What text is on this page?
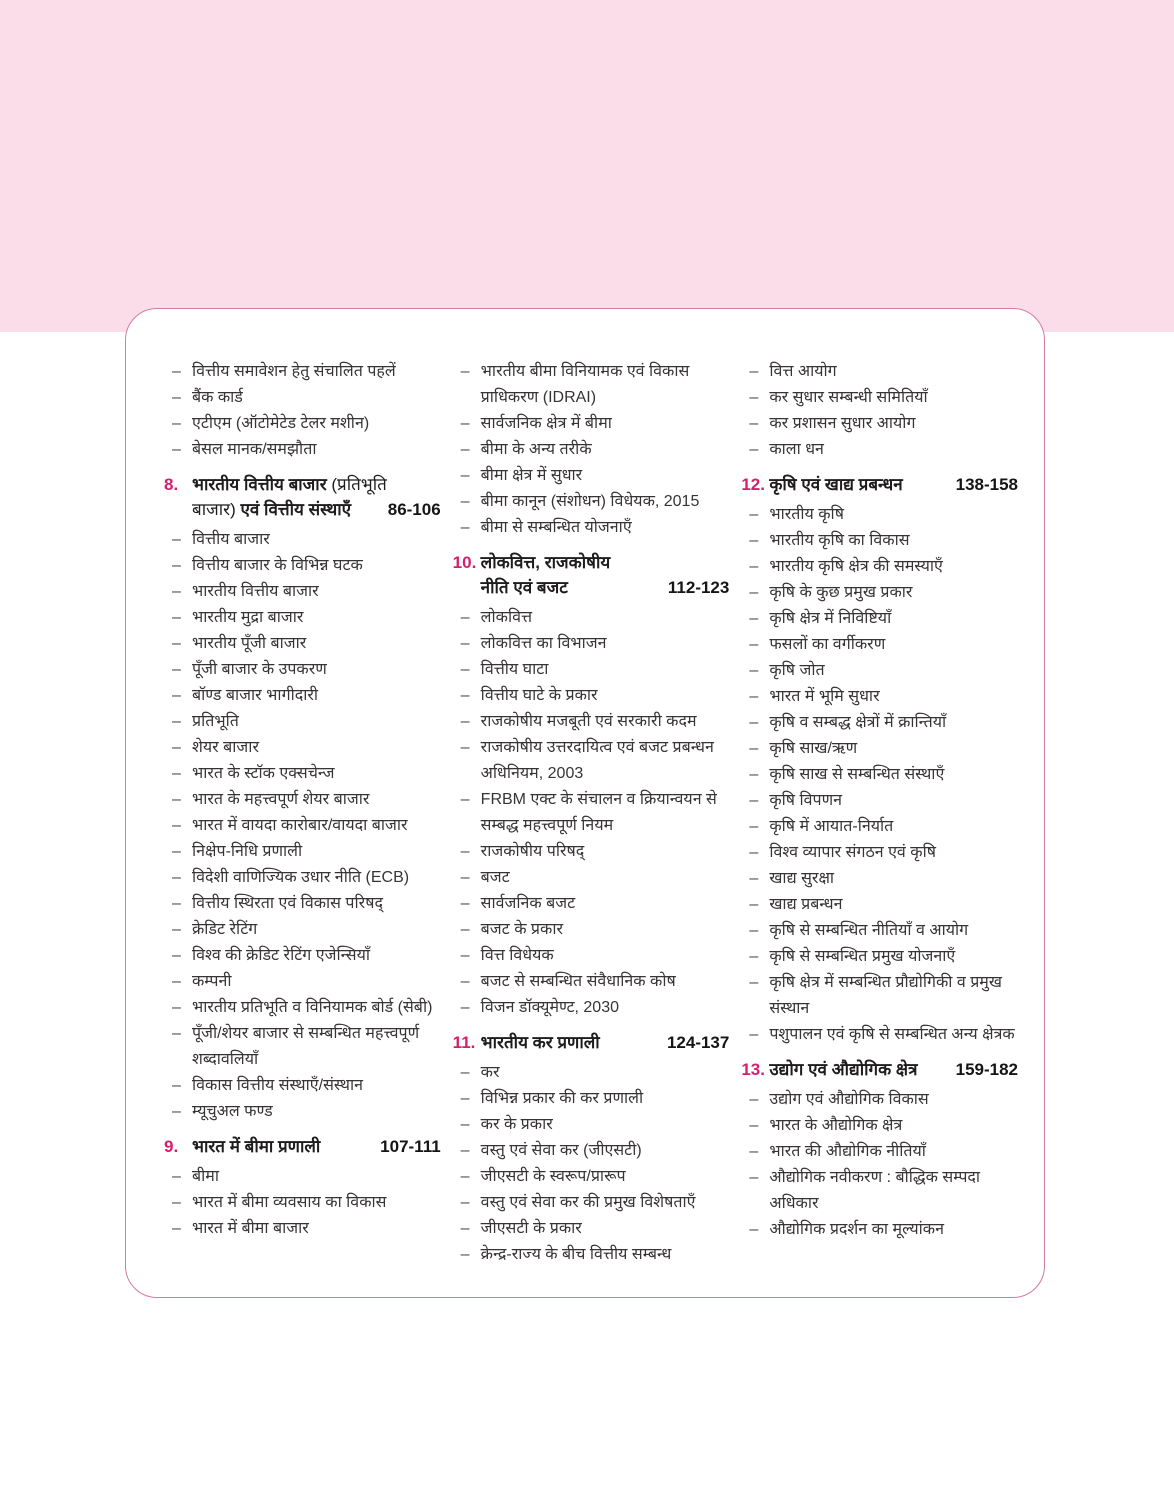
– वित्तीय समावेशन हेतु संचालित पहलें
– बैंक कार्ड
– एटीएम (ऑटोमेटेड टेलर मशीन)
– बेसल मानक/समझौता
8. भारतीय वित्तीय बाजार (प्रतिभूति
बाजार) एवं वित्तीय संस्थाएँ	86-106
– वित्तीय बाजार
– वित्तीय बाजार के विभिन्न घटक
– भारतीय वित्तीय बाजार
– भारतीय मुद्रा बाजार
– भारतीय पूँजी बाजार
– पूँजी बाजार के उपकरण
– बॉण्ड बाजार भागीदारी
– प्रतिभूति
– शेयर बाजार
– भारत के स्टॉक एक्सचेन्ज
– भारत के महत्त्वपूर्ण शेयर बाजार
– भारत में वायदा कारोबार/वायदा बाजार
– निक्षेप-निधि प्रणाली
– विदेशी वाणिज्यिक उधार नीति (ECB)
– वित्तीय स्थिरता एवं विकास परिषद्
– क्रेडिट रेटिंग
– विश्व की क्रेडिट रेटिंग एजेन्सियाँ
– कम्पनी
– भारतीय प्रतिभूति व विनियामक बोर्ड (सेबी)
– पूँजी/शेयर बाजार से सम्बन्धित महत्त्वपूर्ण शब्दावलियाँ
– विकास वित्तीय संस्थाएँ/संस्थान
– म्यूचुअल फण्ड
9. भारत में बीमा प्रणाली	107-111
– बीमा
– भारत में बीमा व्यवसाय का विकास
– भारत में बीमा बाजार
– भारतीय बीमा विनियामक एवं विकास प्राधिकरण (IDRAI)
– सार्वजनिक क्षेत्र में बीमा
– बीमा के अन्य तरीके
– बीमा क्षेत्र में सुधार
– बीमा कानून (संशोधन) विधेयक, 2015
– बीमा से सम्बन्धित योजनाएँ
10. लोकवित्त, राजकोषीय
नीति एवं बजट	112-123
– लोकवित्त
– लोकवित्त का विभाजन
– वित्तीय घाटा
– वित्तीय घाटे के प्रकार
– राजकोषीय मजबूती एवं सरकारी कदम
– राजकोषीय उत्तरदायित्व एवं बजट प्रबन्धन अधिनियम, 2003
– FRBM एक्ट के संचालन व क्रियान्वयन से सम्बद्ध महत्त्वपूर्ण नियम
– राजकोषीय परिषद्
– बजट
– सार्वजनिक बजट
– बजट के प्रकार
– वित्त विधेयक
– बजट से सम्बन्धित संवैधानिक कोष
– विजन डॉक्यूमेण्ट, 2030
11. भारतीय कर प्रणाली	124-137
– कर
– विभिन्न प्रकार की कर प्रणाली
– कर के प्रकार
– वस्तु एवं सेवा कर (जीएसटी)
– जीएसटी के स्वरूप/प्रारूप
– वस्तु एवं सेवा कर की प्रमुख विशेषताएँ
– जीएसटी के प्रकार
– क्रेन्द्र-राज्य के बीच वित्तीय सम्बन्ध
– वित्त आयोग
– कर सुधार सम्बन्धी समितियाँ
– कर प्रशासन सुधार आयोग
– काला धन
12. कृषि एवं खाद्य प्रबन्धन	138-158
– भारतीय कृषि
– भारतीय कृषि का विकास
– भारतीय कृषि क्षेत्र की समस्याएँ
– कृषि के कुछ प्रमुख प्रकार
– कृषि क्षेत्र में निविष्टियाँ
– फसलों का वर्गीकरण
– कृषि जोत
– भारत में भूमि सुधार
– कृषि व सम्बद्ध क्षेत्रों में क्रान्तियाँ
– कृषि साख/ऋण
– कृषि साख से सम्बन्धित संस्थाएँ
– कृषि विपणन
– कृषि में आयात-निर्यात
– विश्व व्यापार संगठन एवं कृषि
– खाद्य सुरक्षा
– खाद्य प्रबन्धन
– कृषि से सम्बन्धित नीतियाँ व आयोग
– कृषि से सम्बन्धित प्रमुख योजनाएँ
– कृषि क्षेत्र में सम्बन्धित प्रौद्योगिकी व प्रमुख संस्थान
– पशुपालन एवं कृषि से सम्बन्धित अन्य क्षेत्रक
13. उद्योग एवं औद्योगिक क्षेत्र	159-182
– उद्योग एवं औद्योगिक विकास
– भारत के औद्योगिक क्षेत्र
– भारत की औद्योगिक नीतियाँ
– औद्योगिक नवीकरण : बौद्धिक सम्पदा अधिकार
– औद्योगिक प्रदर्शन का मूल्यांकन
